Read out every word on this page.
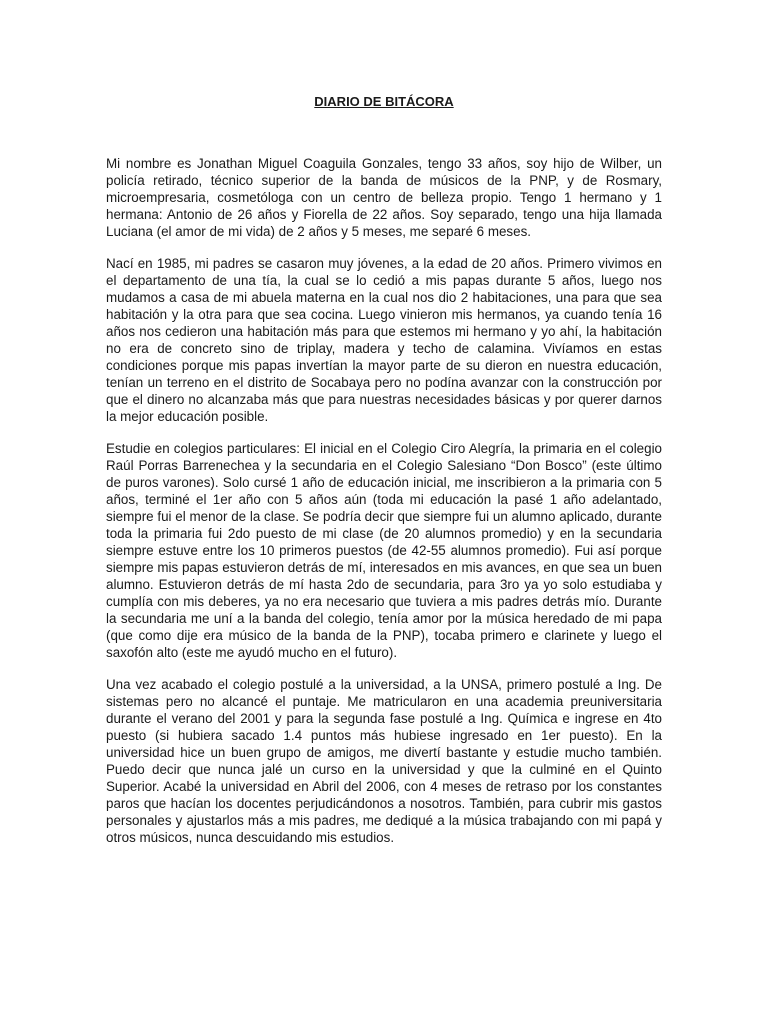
DIARIO DE BITÁCORA

Mi nombre es Jonathan Miguel Coaguila Gonzales, tengo 33 años, soy hijo de Wilber, un policía retirado, técnico superior de la banda de músicos de la PNP, y de Rosmary, microempresaria, cosmetóloga con un centro de belleza propio. Tengo 1 hermano y 1 hermana: Antonio de 26 años y Fiorella de 22 años. Soy separado, tengo una hija llamada Luciana (el amor de mi vida) de 2 años y 5 meses, me separé 6 meses.

Nací en 1985, mi padres se casaron muy jóvenes, a la edad de 20 años. Primero vivimos en el departamento de una tía, la cual se lo cedió a mis papas durante 5 años, luego nos mudamos a casa de mi abuela materna en la cual nos dio 2 habitaciones, una para que sea habitación y la otra para que sea cocina. Luego vinieron mis hermanos, ya cuando tenía 16 años nos cedieron una habitación más para que estemos mi hermano y yo ahí, la habitación no era de concreto sino de triplay, madera y techo de calamina. Vivíamos en estas condiciones porque mis papas invertían la mayor parte de su dieron en nuestra educación, tenían un terreno en el distrito de Socabaya pero no podína avanzar con la construcción por que el dinero no alcanzaba más que para nuestras necesidades básicas y por querer darnos la mejor educación posible.

Estudie en colegios particulares: El inicial en el Colegio Ciro Alegría, la primaria en el colegio Raúl Porras Barrenechea y la secundaria en el Colegio Salesiano “Don Bosco” (este último de puros varones). Solo cursé 1 año de educación inicial, me inscribieron a la primaria con 5 años, terminé el 1er año con 5 años aún (toda mi educación la pasé 1 año adelantado, siempre fui el menor de la clase. Se podría decir que siempre fui un alumno aplicado, durante toda la primaria fui 2do puesto de mi clase (de 20 alumnos promedio) y en la secundaria siempre estuve entre los 10 primeros puestos (de 42-55 alumnos promedio). Fui así porque siempre mis papas estuvieron detrás de mí, interesados en mis avances, en que sea un buen alumno. Estuvieron detrás de mí hasta 2do de secundaria, para 3ro ya yo solo estudiaba y cumplía con mis deberes, ya no era necesario que tuviera a mis padres detrás mío. Durante la secundaria me uní a la banda del colegio, tenía amor por la música heredado de mi papa (que como dije era músico de la banda de la PNP), tocaba primero e clarinete y luego el saxofón alto (este me ayudó mucho en el futuro).

Una vez acabado el colegio postulé a la universidad, a la UNSA, primero postulé a Ing. De sistemas pero no alcancé el puntaje. Me matricularon en una academia preuniversitaria durante el verano del 2001 y para la segunda fase postulé a Ing. Química e ingrese en 4to puesto (si hubiera sacado 1.4 puntos más hubiese ingresado en 1er puesto). En la universidad hice un buen grupo de amigos, me divertí bastante y estudie mucho también. Puedo decir que nunca jalé un curso en la universidad y que la culminé en el Quinto Superior. Acabé la universidad en Abril del 2006, con 4 meses de retraso por los constantes paros que hacían los docentes perjudicándonos a nosotros. También, para cubrir mis gastos personales y ajustarlos más a mis padres, me dediqué a la música trabajando con mi papá y otros músicos, nunca descuidando mis estudios.
